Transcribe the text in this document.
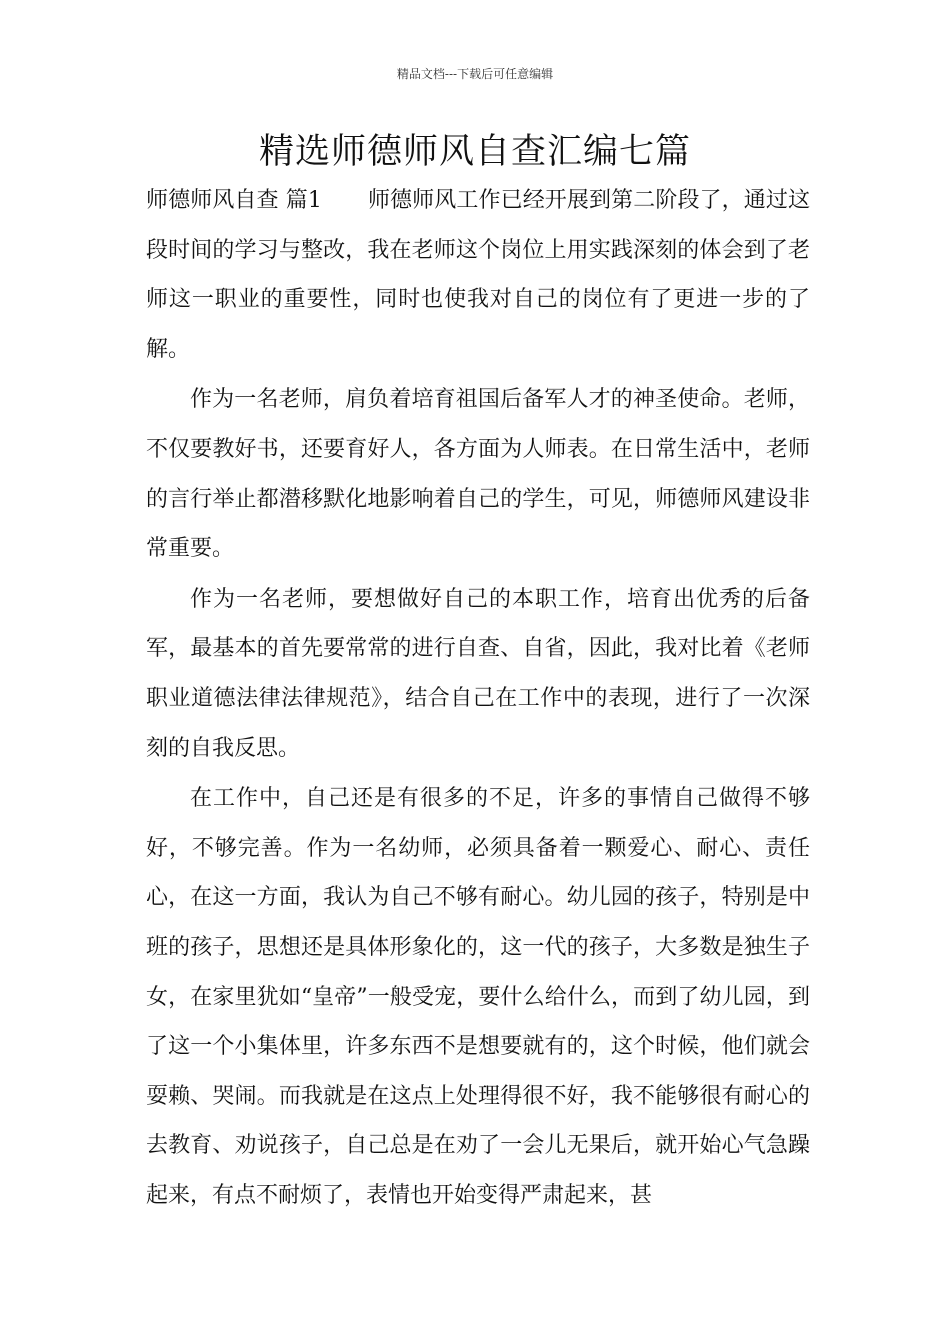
精品文档---下载后可任意编辑
精选师德师风自查汇编七篇

师德师风自查 篇1 师德师风工作已经开展到第二阶段了，通过这段时间的学习与整改，我在老师这个岗位上用实践深刻的体会到了老师这一职业的重要性，同时也使我对自己的岗位有了更进一步的了解。

作为一名老师，肩负着培育祖国后备军人才的神圣使命。老师，不仅要教好书，还要育好人，各方面为人师表。在日常生活中，老师的言行举止都潜移默化地影响着自己的学生，可见，师德师风建设非常重要。

作为一名老师，要想做好自己的本职工作，培育出优秀的后备军，最基本的首先要常常的进行自查、自省，因此，我对比着《老师职业道德法律法律规范》，结合自己在工作中的表现，进行了一次深刻的自我反思。

在工作中，自己还是有很多的不足，许多的事情自己做得不够好，不够完善。作为一名幼师，必须具备着一颗爱心、耐心、责任心，在这一方面，我认为自己不够有耐心。幼儿园的孩子，特别是中班的孩子，思想还是具体形象化的，这一代的孩子，大多数是独生子女，在家里犹如“皇帝”一般受宠，要什么给什么，而到了幼儿园，到了这一个小集体里，许多东西不是想要就有的，这个时候，他们就会耍赖、哭闹。而我就是在这点上处理得很不好，我不能够很有耐心的去教育、劝说孩子，自己总是在劝了一会儿无果后，就开始心气急躁起来，有点不耐烦了，表情也开始变得严肃起来，甚
